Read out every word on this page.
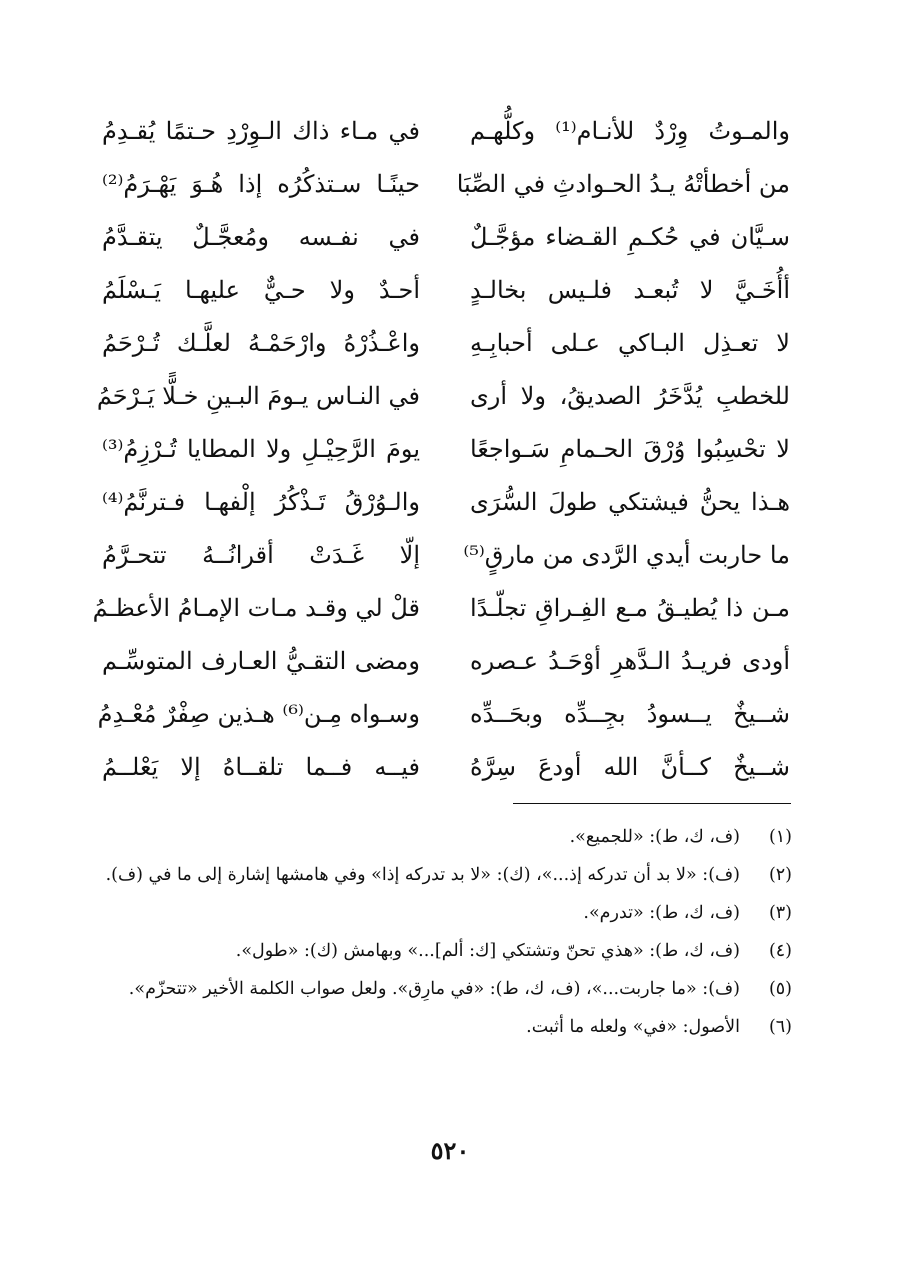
والمـوتُ وِرْدٌ للأنـام⁽¹⁾ وكلُّهـم
في مـاء ذاك الـوِرْدِ حـتمًا يُقـدِمُ
من أخطأتْهُ يـدُ الحـوادثِ في الصِّبَا
حينًـا سـتذكُرُه إذا هُـوَ يَهْـرَمُ⁽²⁾
سـيَّان في حُكـمِ القـضاء مؤجَّـلٌ
في نفـسه ومُعجَّـلٌ يتقـدَّمُ
أأُخَـيَّ لا تُبعـد فلـيس بخالـدٍ
أحـدٌ ولا حـيٌّ عليهـا يَـسْلَمُ
لا تعـذِل البـاكي عـلى أحبابِـهِ
واعْـذُرْهُ وارْحَمْـهُ لعلَّـك تُـرْحَمُ
للخطبِ يُدَّخَرُ الصديقُ، ولا أرى
في النـاس يـومَ البـينِ خـلًّا يَـرْحَمُ
لا تحْسِبُوا وُرْقَ الحـمامِ سَـواجعًا
يومَ الرَّحِيْـلِ ولا المطايا تُـرْزِمُ⁽³⁾
هـذا يحنُّ فيشتكي طولَ السُّرَى
والـوُرْقُ تَـذْكُرُ إلْفهـا فـترنَّمُ⁽⁴⁾
ما حاربت أيدي الرَّدى من مارقٍ⁽⁵⁾
إلّا غَـدَتْ أقرانُــهُ تتحـرَّمُ
مـن ذا يُطيـقُ مـع الفِـراقِ تجلّـدًا
قلْ لي وقـد مـات الإمـامُ الأعظـمُ
أودى فريـدُ الـدَّهرِ أوْحَـدُ عـصره
ومضى التقـيُّ العـارف المتوسِّـم
شــيخٌ يــسودُ بجِــدِّه وبحَــدِّه
وسـواه مِـن⁽⁶⁾ هـذين صِفْرٌ مُعْـدِمُ
شــيخٌ كــأنَّ الله أودعَ سِرَّهُ
فيــه فــما تلقــاهُ إلا يَعْلــمُ
(١)
(ف، ك، ط): «للجميع».
(٢)
(ف): «لا بد أن تدركه إذ...»، (ك): «لا بد تدركه إذا» وفي هامشها إشارة إلى ما في (ف).
(٣)
(ف، ك، ط): «تدرم».
(٤)
(ف، ك، ط): «هذي تحنّ وتشتكي [ك: ألم]...» وبهامش (ك): «طول».
(٥)
(ف): «ما جاربت...»، (ف، ك، ط): «في مارِق». ولعل صواب الكلمة الأخير «تتحزّم».
(٦)
الأصول: «في» ولعله ما أثبت.
٥٢٠
